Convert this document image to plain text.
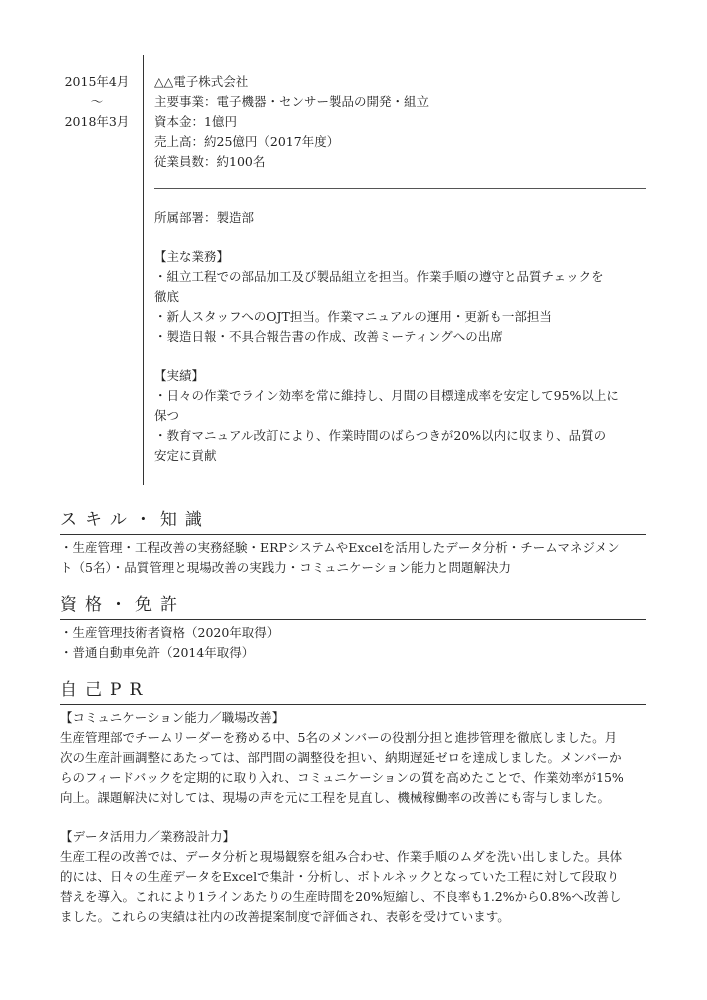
2015年4月
〜
2018年3月
△△電子株式会社
主要事業：電子機器・センサー製品の開発・組立
資本金：1億円
売上高：約25億円（2017年度）
従業員数：約100名
所属部署：製造部
【主な業務】
・組立工程での部品加工及び製品組立を担当。作業手順の遵守と品質チェックを
徹底
・新人スタッフへのOJT担当。作業マニュアルの運用・更新も一部担当
・製造日報・不具合報告書の作成、改善ミーティングへの出席
【実績】
・日々の作業でライン効率を常に維持し、月間の目標達成率を安定して95%以上に
保つ
・教育マニュアル改訂により、作業時間のばらつきが20%以内に収まり、品質の
安定に貢献
スキル・知識
・生産管理・工程改善の実務経験・ERPシステムやExcelを活用したデータ分析・チームマネジメン
ト（5名）・品質管理と現場改善の実践力・コミュニケーション能力と問題解決力
資格・免許
・生産管理技術者資格（2020年取得）
・普通自動車免許（2014年取得）
自己PR
【コミュニケーション能力／職場改善】
生産管理部でチームリーダーを務める中、5名のメンバーの役割分担と進捗管理を徹底しました。月
次の生産計画調整にあたっては、部門間の調整役を担い、納期遅延ゼロを達成しました。メンバーか
らのフィードバックを定期的に取り入れ、コミュニケーションの質を高めたことで、作業効率が15%
向上。課題解決に対しては、現場の声を元に工程を見直し、機械稼働率の改善にも寄与しました。
【データ活用力／業務設計力】
生産工程の改善では、データ分析と現場観察を組み合わせ、作業手順のムダを洗い出しました。具体
的には、日々の生産データをExcelで集計・分析し、ボトルネックとなっていた工程に対して段取り
替えを導入。これにより1ラインあたりの生産時間を20%短縮し、不良率も1.2%から0.8%へ改善し
ました。これらの実績は社内の改善提案制度で評価され、表彰を受けています。
